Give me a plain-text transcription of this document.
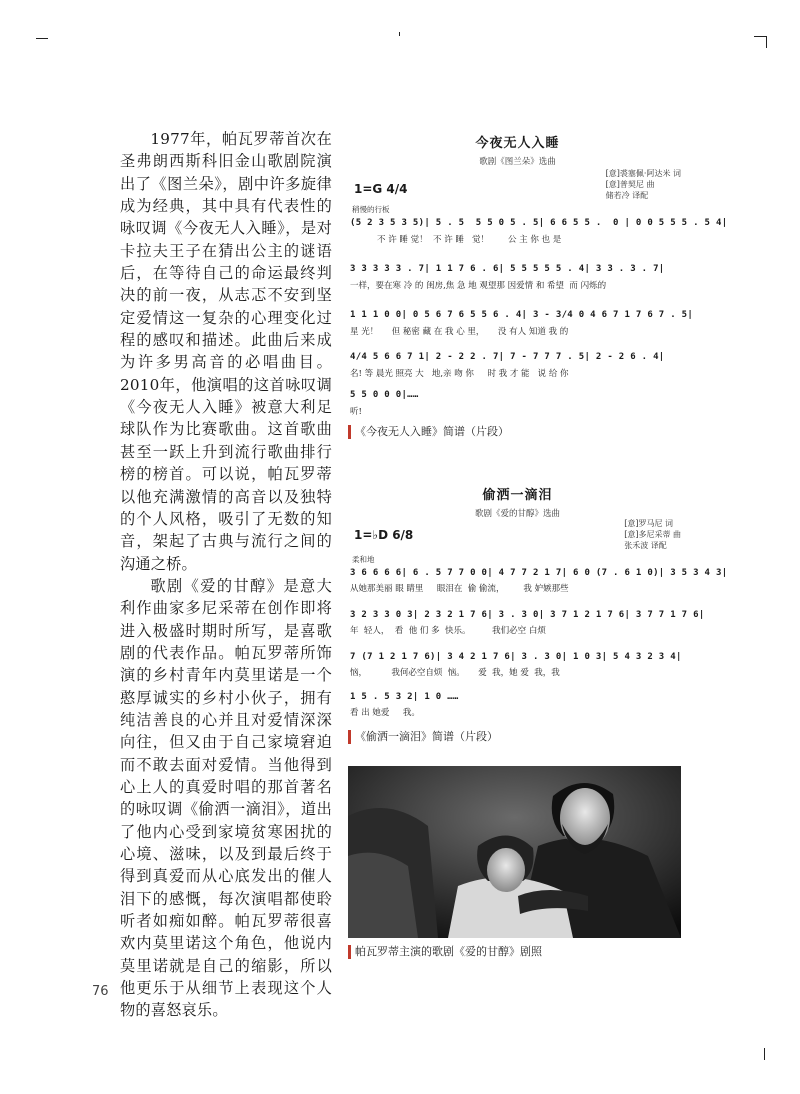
1977年，帕瓦罗蒂首次在圣弗朗西斯科旧金山歌剧院演出了《图兰朵》，剧中许多旋律成为经典，其中具有代表性的咏叹调《今夜无人入睡》，是对卡拉夫王子在猜出公主的谜语后，在等待自己的命运最终判决的前一夜，从志忑不安到坚定爱情这一复杂的心理变化过程的感叹和描述。此曲后来成为许多男高音的必唱曲目。2010年，他演唱的这首咏叹调《今夜无人入睡》被意大利足球队作为比赛歌曲。这首歌曲甚至一跃上升到流行歌曲排行榜的榜首。可以说，帕瓦罗蒂以他充满激情的高音以及独特的个人风格，吸引了无数的知音，架起了古典与流行之间的沟通之桥。

歌剧《爱的甘醇》是意大利作曲家多尼采蒂在创作即将进入极盛时期时所写，是喜歌剧的代表作品。帕瓦罗蒂所饰演的乡村青年内莫里诺是一个憨厚诚实的乡村小伙子，拥有纯洁善良的心并且对爱情深深向往，但又由于自己家境窘迫而不敢去面对爱情。当他得到心上人的真爱时唱的那首著名的咏叹调《偷洒一滴泪》，道出了他内心受到家境贫寒困扰的心境、滋味，以及到最后终于得到真爱而从心底发出的催人泪下的感慨，每次演唱都使聆听者如痴如醉。帕瓦罗蒂很喜欢内莫里诺这个角色，他说内莫里诺就是自己的缩影，所以他更乐于从细节上表现这个人物的喜怒哀乐。

今夜无人入睡
歌剧《图兰朵》选曲
[意]裘塞佩·阿达米 词
[意]普契尼 曲
储若冷 译配
1=G 4/4
稍慢的行板
(5 2 3 5 3 5)| 5 . 5  5 5 0 5 . 5| 6 6 5 5 .  0 | 0 0 5 5 5 . 5 4|
不 许 睡 觉！  不 许 睡   觉！       公 主 你 也 是
3 3 3 3 3 . 7| 1 1 7 6 . 6| 5 5 5 5 5 . 4| 3 3 . 3 . 7|
一样，要在寒 冷 的 闺房,焦 急 地 观望那 因爱情 和 希望  而 闪烁的
1 1 1 0 0| 0 5 6 7 6 5 5 6 . 4| 3 - 3/4 0 4 6 7 1 7 6 7 . 5|
星 光！     但 秘密 藏 在 我 心 里，     没 有人 知道 我 的
4/4 5 6 6 7 1| 2 - 2 2 . 7| 7 - 7 7 7 . 5| 2 - 2 6 . 4|
名! 等 晨光 照亮 大   地,亲 吻 你     时 我 才 能   说 给 你
5 5 0 0 0|……
听!
《今夜无人入睡》简谱（片段）
偷洒一滴泪
歌剧《爱的甘醇》选曲
[意]罗马尼 词
[意]多尼采蒂 曲
张禾波 译配
1=♭D 6/8
柔和地
3 6 6 6 6| 6 . 5 7 7 0 0| 4 7 7 2 1 7| 6 0 (7 . 6 1 0)| 3 5 3 4 3|
从她那美丽 眼 睛里     眼泪在  偷 偷流，       我 妒嫉那些
3 2 3 3 0 3| 2 3 2 1 7 6| 3 . 3 0| 3 7 1 2 1 7 6| 3 7 7 1 7 6|
年  轻人，  看  他 们 多  快乐。        我们必空 白烦
7 (7 1 2 1 7 6)| 3 4 2 1 7 6| 3 . 3 0| 1 0 3| 5 4 3 2 3 4|
恼，         我何必空自烦  恼。     爱  我，她 爱  我，我
1 5 . 5 3 2| 1 0 ……
看 出 她爱     我。
《偷洒一滴泪》简谱（片段）
帕瓦罗蒂主演的歌剧《爱的甘醇》剧照
76
